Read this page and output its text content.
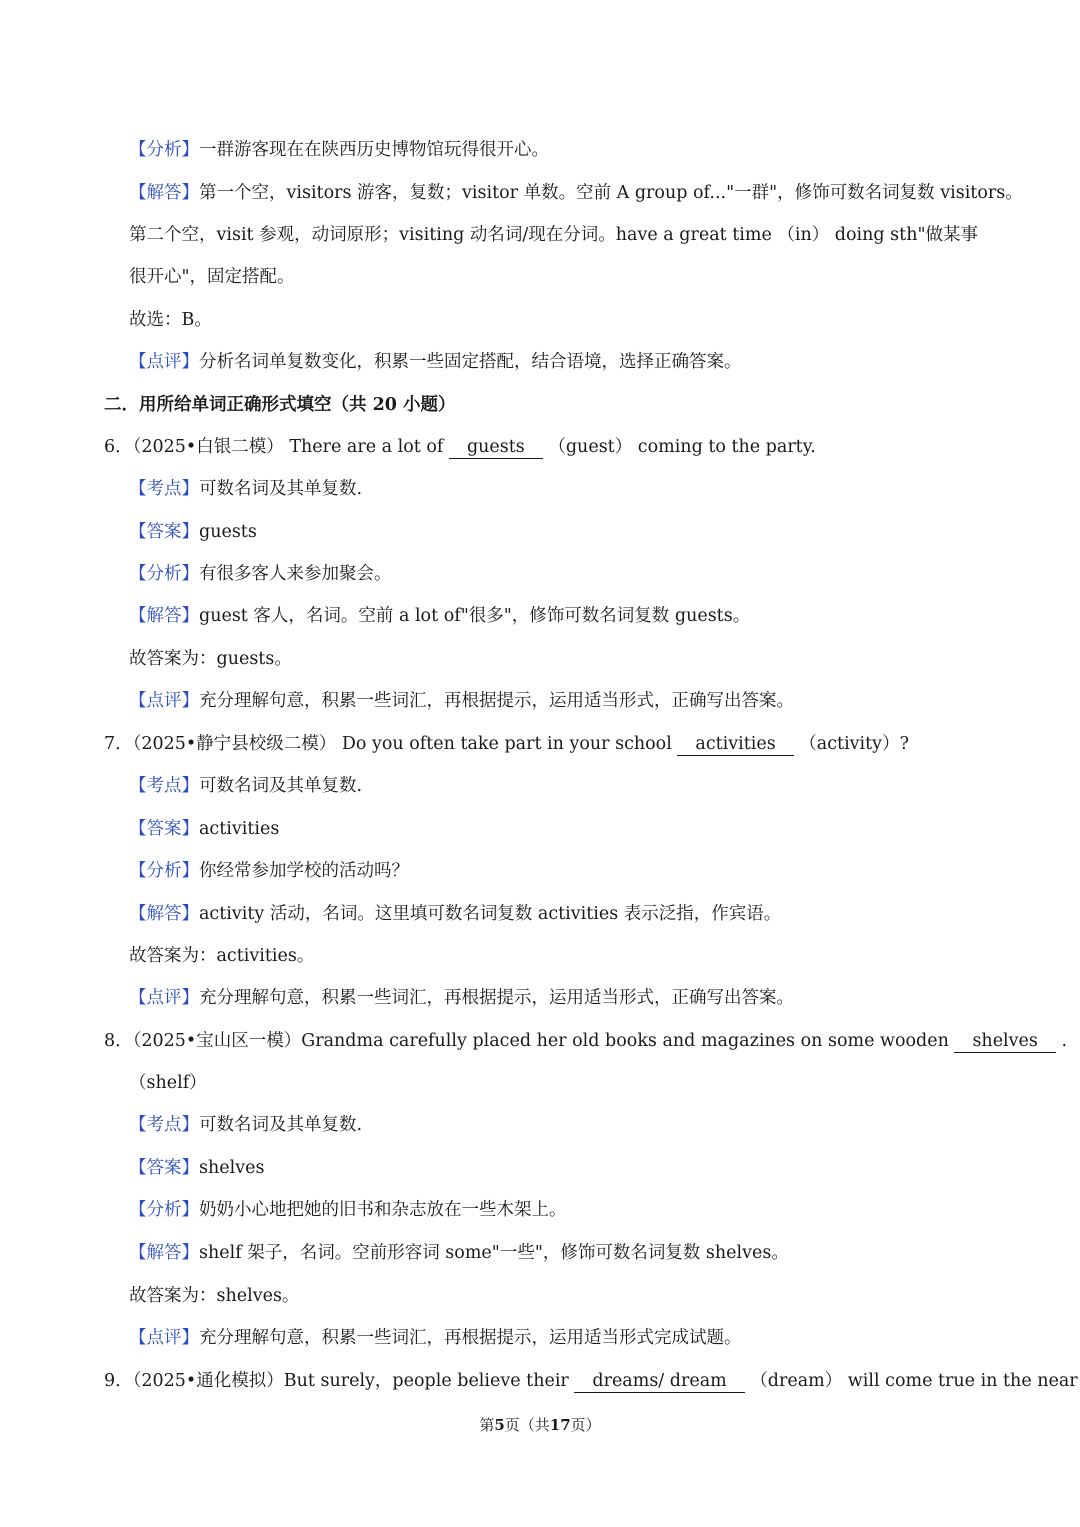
【分析】一群游客现在在陕西历史博物馆玩得很开心。
【解答】第一个空，visitors 游客，复数；visitor 单数。空前 A group of..."一群"，修饰可数名词复数 visitors。
第二个空，visit 参观，动词原形；visiting 动名词/现在分词。have a great time （in） doing sth"做某事
很开心"，固定搭配。
故选：B。
【点评】分析名词单复数变化，积累一些固定搭配，结合语境，选择正确答案。
二．用所给单词正确形式填空（共 20 小题）
6．（2025•白银二模） There are a lot of guests （guest） coming to the party.
【考点】可数名词及其单复数.
【答案】guests
【分析】有很多客人来参加聚会。
【解答】guest 客人，名词。空前 a lot of"很多"，修饰可数名词复数 guests。
故答案为：guests。
【点评】充分理解句意，积累一些词汇，再根据提示，运用适当形式，正确写出答案。
7．（2025•静宁县校级二模） Do you often take part in your school activities （activity）?
【考点】可数名词及其单复数.
【答案】activities
【分析】你经常参加学校的活动吗？
【解答】activity 活动，名词。这里填可数名词复数 activities 表示泛指，作宾语。
故答案为：activities。
【点评】充分理解句意，积累一些词汇，再根据提示，运用适当形式，正确写出答案。
8．（2025•宝山区一模）Grandma carefully placed her old books and magazines on some wooden shelves .
（shelf）
【考点】可数名词及其单复数.
【答案】shelves
【分析】奶奶小心地把她的旧书和杂志放在一些木架上。
【解答】shelf 架子，名词。空前形容词 some"一些"，修饰可数名词复数 shelves。
故答案为：shelves。
【点评】充分理解句意，积累一些词汇，再根据提示，运用适当形式完成试题。
9．（2025•通化模拟）But surely，people believe their dreams/ dream （dream） will come true in the near
第5页（共17页）
